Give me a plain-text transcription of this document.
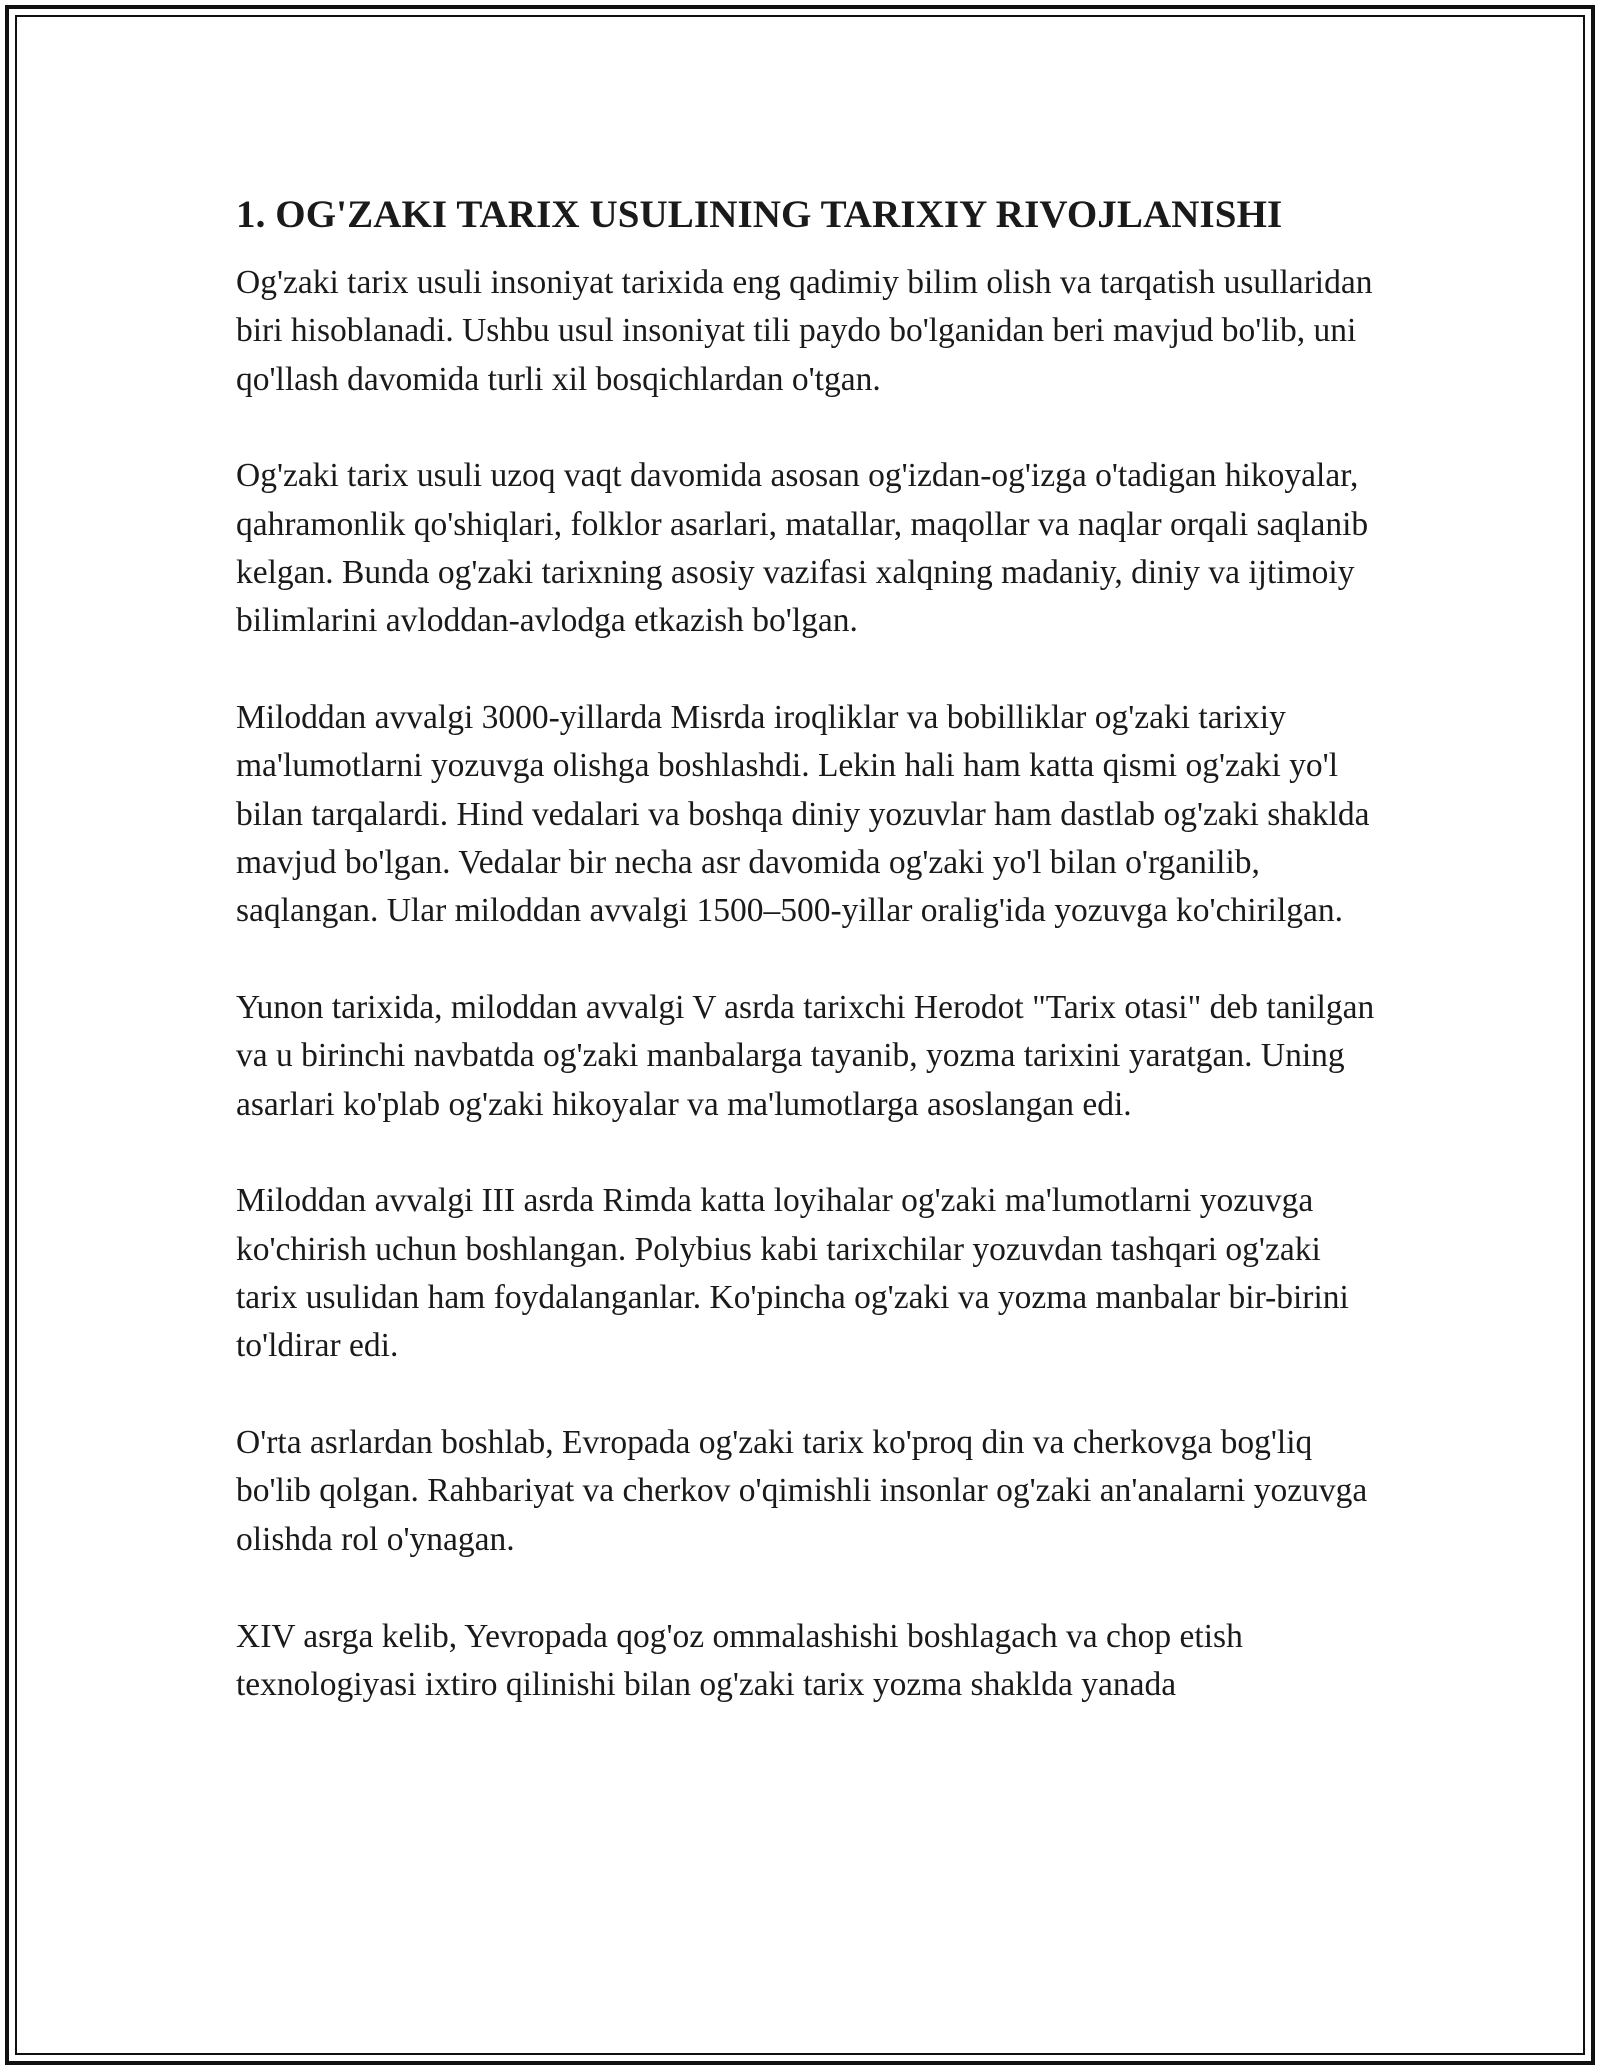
1. OG'ZAKI TARIX USULINING TARIXIY RIVOJLANISHI

Og'zaki tarix usuli insoniyat tarixida eng qadimiy bilim olish va tarqatish usullaridan biri hisoblanadi. Ushbu usul insoniyat tili paydo bo'lganidan beri mavjud bo'lib, uni qo'llash davomida turli xil bosqichlardan o'tgan.

Og'zaki tarix usuli uzoq vaqt davomida asosan og'izdan-og'izga o'tadigan hikoyalar, qahramonlik qo'shiqlari, folklor asarlari, matallar, maqollar va naqlar orqali saqlanib kelgan. Bunda og'zaki tarixning asosiy vazifasi xalqning madaniy, diniy va ijtimoiy bilimlarini avloddan-avlodga etkazish bo'lgan.

Miloddan avvalgi 3000-yillarda Misrda iroqliklar va bobilliklar og'zaki tarixiy ma'lumotlarni yozuvga olishga boshlashdi. Lekin hali ham katta qismi og'zaki yo'l bilan tarqalardi. Hind vedalari va boshqa diniy yozuvlar ham dastlab og'zaki shaklda mavjud bo'lgan. Vedalar bir necha asr davomida og'zaki yo'l bilan o'rganilib, saqlangan. Ular miloddan avvalgi 1500–500-yillar oralig'ida yozuvga ko'chirilgan.

Yunon tarixida, miloddan avvalgi V asrda tarixchi Herodot "Tarix otasi" deb tanilgan va u birinchi navbatda og'zaki manbalarga tayanib, yozma tarixini yaratgan. Uning asarlari ko'plab og'zaki hikoyalar va ma'lumotlarga asoslangan edi.

Miloddan avvalgi III asrda Rimda katta loyihalar og'zaki ma'lumotlarni yozuvga ko'chirish uchun boshlangan. Polybius kabi tarixchilar yozuvdan tashqari og'zaki tarix usulidan ham foydalanganlar. Ko'pincha og'zaki va yozma manbalar bir-birini to'ldirar edi.

O'rta asrlardan boshlab, Evropada og'zaki tarix ko'proq din va cherkovga bog'liq bo'lib qolgan. Rahbariyat va cherkov o'qimishli insonlar og'zaki an'analarni yozuvga olishda rol o'ynagan.

XIV asrga kelib, Yevropada qog'oz ommalashishi boshlagach va chop etish texnologiyasi ixtiro qilinishi bilan og'zaki tarix yozma shaklda yanada
